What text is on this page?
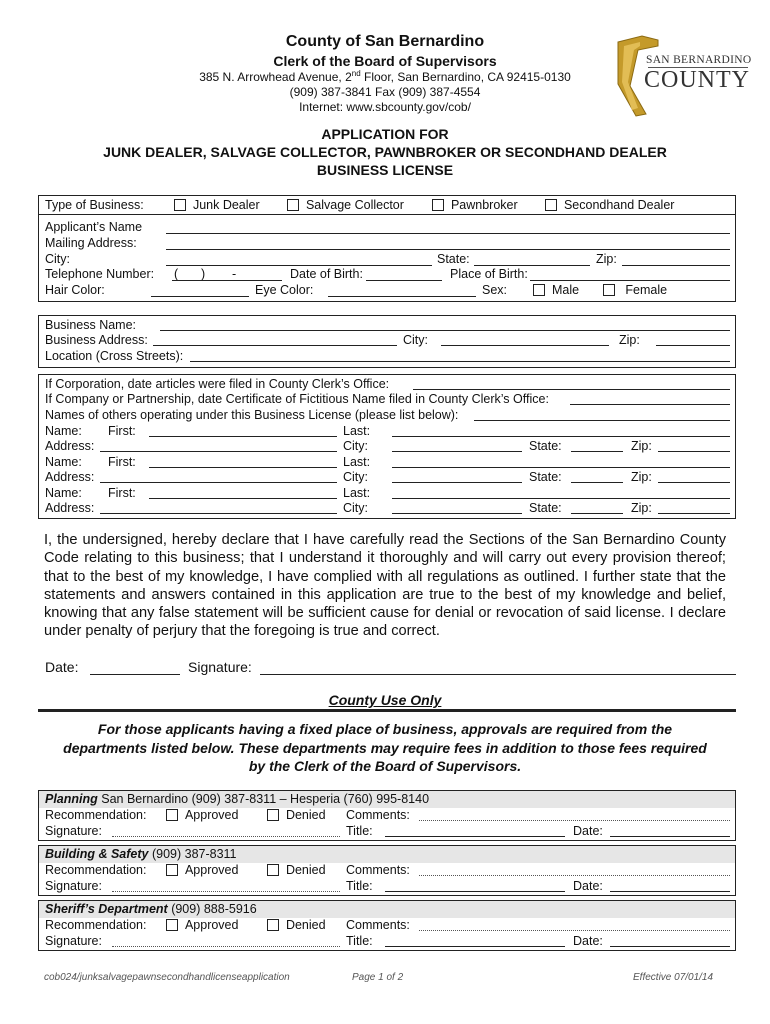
County of San Bernardino
Clerk of the Board of Supervisors
385 N. Arrowhead Avenue, 2nd Floor, San Bernardino, CA 92415-0130
(909) 387-3841 Fax (909) 387-4554
Internet: www.sbcounty.gov/cob/
SAN BERNARDINO
COUNTY
APPLICATION FOR
JUNK DEALER, SALVAGE COLLECTOR, PAWNBROKER OR SECONDHAND DEALER
BUSINESS LICENSE
Type of Business:	Junk Dealer	Salvage Collector	Pawnbroker	Secondhand Dealer
Applicant’s Name
Mailing Address:
City:	State:	Zip:
Telephone Number: ( ) -	Date of Birth:	Place of Birth:
Hair Color:	Eye Color:	Sex:	Male	Female
Business Name:
Business Address:	City:	Zip:
Location (Cross Streets):
If Corporation, date articles were filed in County Clerk’s Office:
If Company or Partnership, date Certificate of Fictitious Name filed in County Clerk’s Office:
Names of others operating under this Business License (please list below):
Name: First:	Last:
Address:	City:	State:	Zip:
Name: First:	Last:
Address:	City:	State:	Zip:
Name: First:	Last:
Address:	City:	State:	Zip:
I, the undersigned, hereby declare that I have carefully read the Sections of the San Bernardino County Code relating to this business; that I understand it thoroughly and will carry out every provision thereof; that to the best of my knowledge, I have complied with all regulations as outlined. I further state that the statements and answers contained in this application are true to the best of my knowledge and belief, knowing that any false statement will be sufficient cause for denial or revocation of said license. I declare under penalty of perjury that the foregoing is true and correct.
Date:	Signature:
County Use Only
For those applicants having a fixed place of business, approvals are required from the departments listed below. These departments may require fees in addition to those fees required by the Clerk of the Board of Supervisors.
Planning San Bernardino (909) 387-8311 – Hesperia (760) 995-8140
Recommendation:	Approved	Denied Comments:
Signature:	Title:	Date:
Building & Safety (909) 387-8311
Recommendation:	Approved	Denied Comments:
Signature:	Title:	Date:
Sheriff’s Department (909) 888-5916
Recommendation:	Approved	Denied Comments:
Signature:	Title:	Date:
cob024/junksalvagepawnsecondhandlicenseapplication	Page 1 of 2	Effective 07/01/14
